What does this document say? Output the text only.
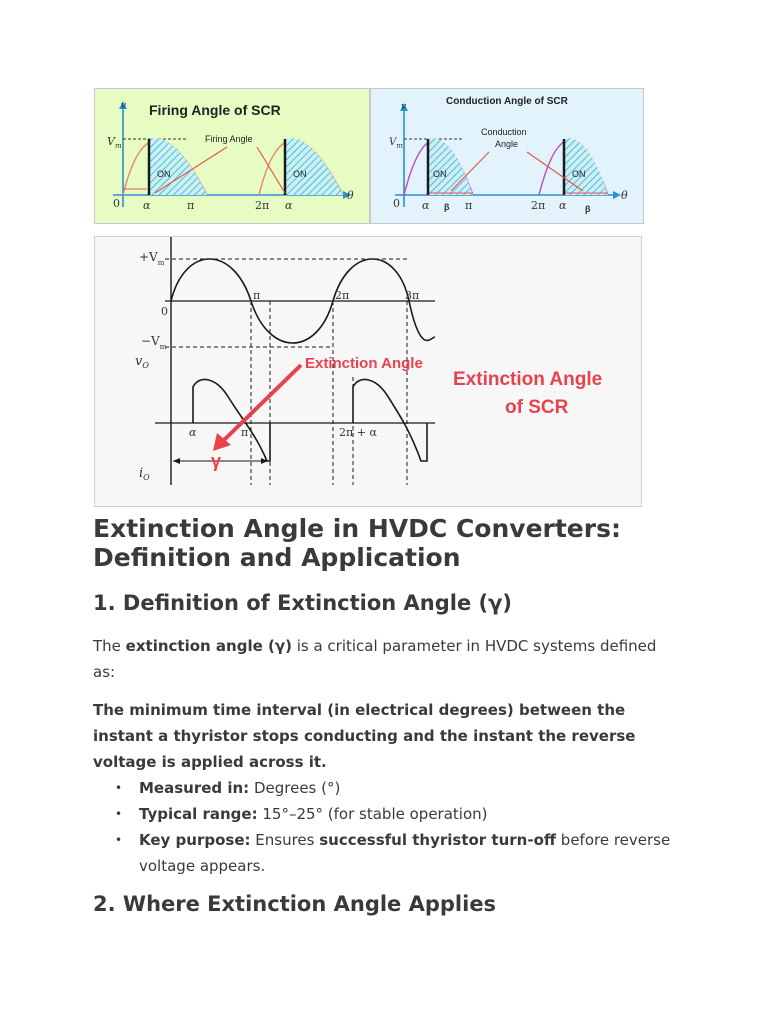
Firing Angle of SCR
v
θ
$V_m$
ON	ON
Firing Angle
0 α	π	2π α
Conduction Angle of SCR
v
θ
$V_m$
ON	ON
Conduction
Angle
0 α β π	2π α β
$+V_m$
0
$-V_m$
$v_O$
π	2π	3π
$i_O$
α	π	2π + α
γ
Extinction Angle
Extinction Angle
of SCR
Extinction Angle in HVDC Converters: Definition and Application
1. Definition of Extinction Angle (γ)

The extinction angle (γ) is a critical parameter in HVDC systems defined as:

The minimum time interval (in electrical degrees) between the instant a thyristor stops conducting and the instant the reverse voltage is applied across it.

• Measured in: Degrees (°)
• Typical range: 15°–25° (for stable operation)
• Key purpose: Ensures successful thyristor turn-off before reverse voltage appears.
2. Where Extinction Angle Applies
